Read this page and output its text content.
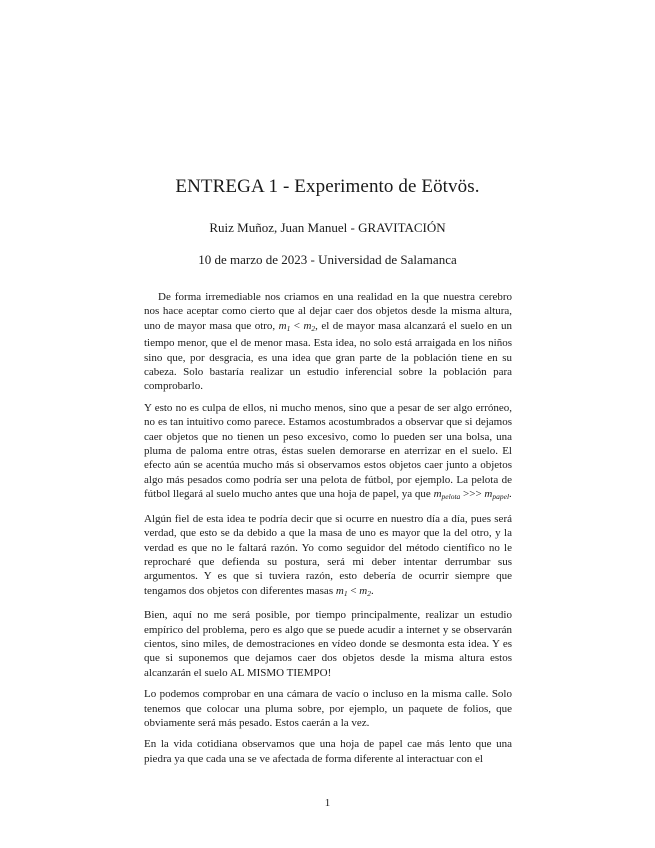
ENTREGA 1 - Experimento de Eötvös.
Ruiz Muñoz, Juan Manuel - GRAVITACIÓN
10 de marzo de 2023 - Universidad de Salamanca

De forma irremediable nos criamos en una realidad en la que nuestra cerebro nos hace aceptar como cierto que al dejar caer dos objetos desde la misma altura, uno de mayor masa que otro, $m_1 < m_2$, el de mayor masa alcanzará el suelo en un tiempo menor, que el de menor masa. Esta idea, no solo está arraigada en los niños sino que, por desgracia, es una idea que gran parte de la población tiene en su cabeza. Solo bastaría realizar un estudio inferencial sobre la población para comprobarlo.

Y esto no es culpa de ellos, ni mucho menos, sino que a pesar de ser algo erróneo, no es tan intuitivo como parece. Estamos acostumbrados a observar que si dejamos caer objetos que no tienen un peso excesivo, como lo pueden ser una bolsa, una pluma de paloma entre otras, éstas suelen demorarse en aterrizar en el suelo. El efecto aún se acentúa mucho más si observamos estos objetos caer junto a objetos algo más pesados como podría ser una pelota de fútbol, por ejemplo. La pelota de fútbol llegará al suelo mucho antes que una hoja de papel, ya que $m_{pelota}$ >>> $m_{papel}$.

Algún fiel de esta idea te podría decir que si ocurre en nuestro día a día, pues será verdad, que esto se da debido a que la masa de uno es mayor que la del otro, y la verdad es que no le faltará razón. Yo como seguidor del método científico no le reprocharé que defienda su postura, será mi deber intentar derrumbar sus argumentos. Y es que si tuviera razón, esto debería de ocurrir siempre que tengamos dos objetos con diferentes masas $m_1 < m_2$.

Bien, aquí no me será posible, por tiempo principalmente, realizar un estudio empírico del problema, pero es algo que se puede acudir a internet y se observarán cientos, sino miles, de demostraciones en vídeo donde se desmonta esta idea. Y es que si suponemos que dejamos caer dos objetos desde la misma altura estos alcanzarán el suelo AL MISMO TIEMPO!

Lo podemos comprobar en una cámara de vacío o incluso en la misma calle. Solo tenemos que colocar una pluma sobre, por ejemplo, un paquete de folios, que obviamente será más pesado. Estos caerán a la vez.

En la vida cotidiana observamos que una hoja de papel cae más lento que una piedra ya que cada una se ve afectada de forma diferente al interactuar con el

1
